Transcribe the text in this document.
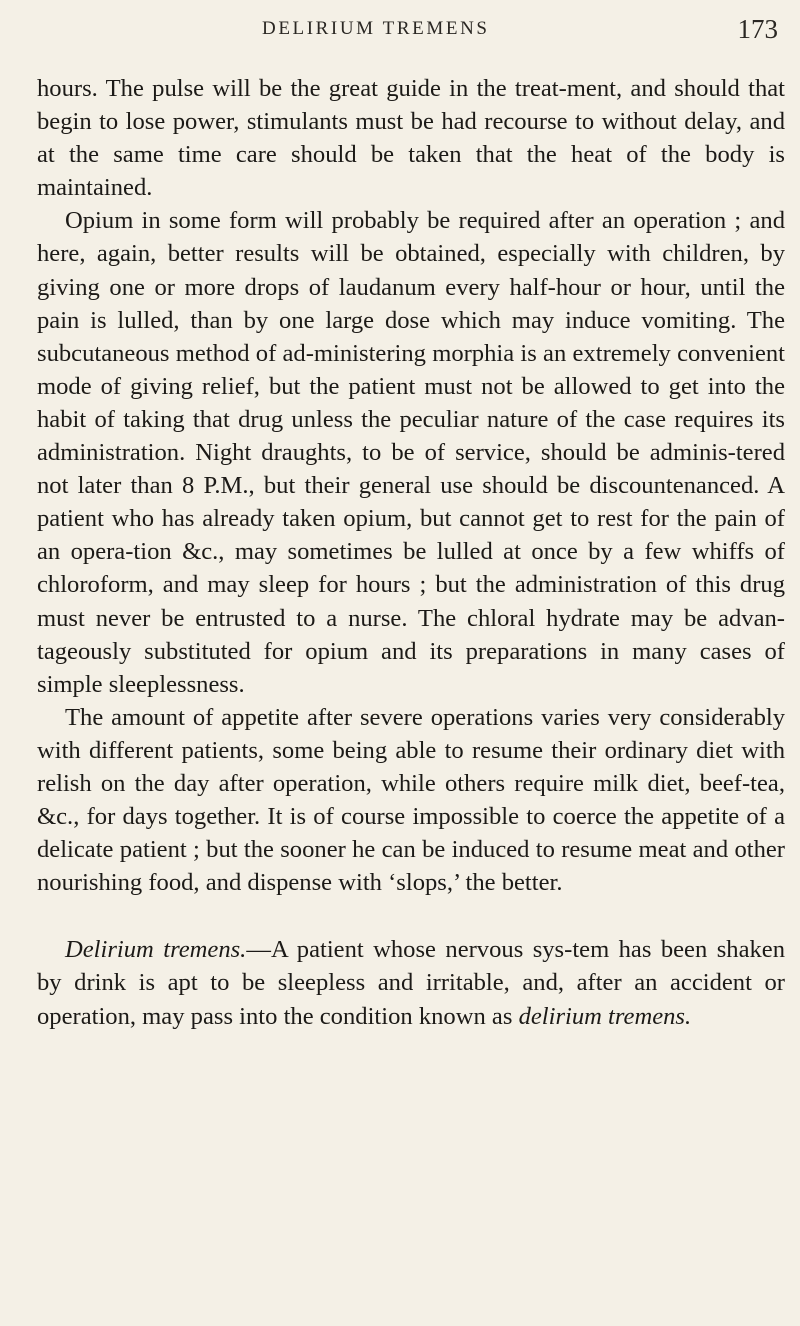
DELIRIUM TREMENS	173

hours. The pulse will be the great guide in the treat-ment, and should that begin to lose power, stimulants must be had recourse to without delay, and at the same time care should be taken that the heat of the body is maintained.

Opium in some form will probably be required after an operation ; and here, again, better results will be obtained, especially with children, by giving one or more drops of laudanum every half-hour or hour, until the pain is lulled, than by one large dose which may induce vomiting. The subcutaneous method of ad-ministering morphia is an extremely convenient mode of giving relief, but the patient must not be allowed to get into the habit of taking that drug unless the peculiar nature of the case requires its administration. Night draughts, to be of service, should be adminis-tered not later than 8 P.M., but their general use should be discountenanced. A patient who has already taken opium, but cannot get to rest for the pain of an opera-tion &c., may sometimes be lulled at once by a few whiffs of chloroform, and may sleep for hours ; but the administration of this drug must never be entrusted to a nurse. The chloral hydrate may be advan-tageously substituted for opium and its preparations in many cases of simple sleeplessness.

The amount of appetite after severe operations varies very considerably with different patients, some being able to resume their ordinary diet with relish on the day after operation, while others require milk diet, beef-tea, &c., for days together. It is of course impossible to coerce the appetite of a delicate patient ; but the sooner he can be induced to resume meat and other nourishing food, and dispense with ‘slops,’ the better.

Delirium tremens.—A patient whose nervous sys-tem has been shaken by drink is apt to be sleepless and irritable, and, after an accident or operation, may pass into the condition known as delirium tremens.
